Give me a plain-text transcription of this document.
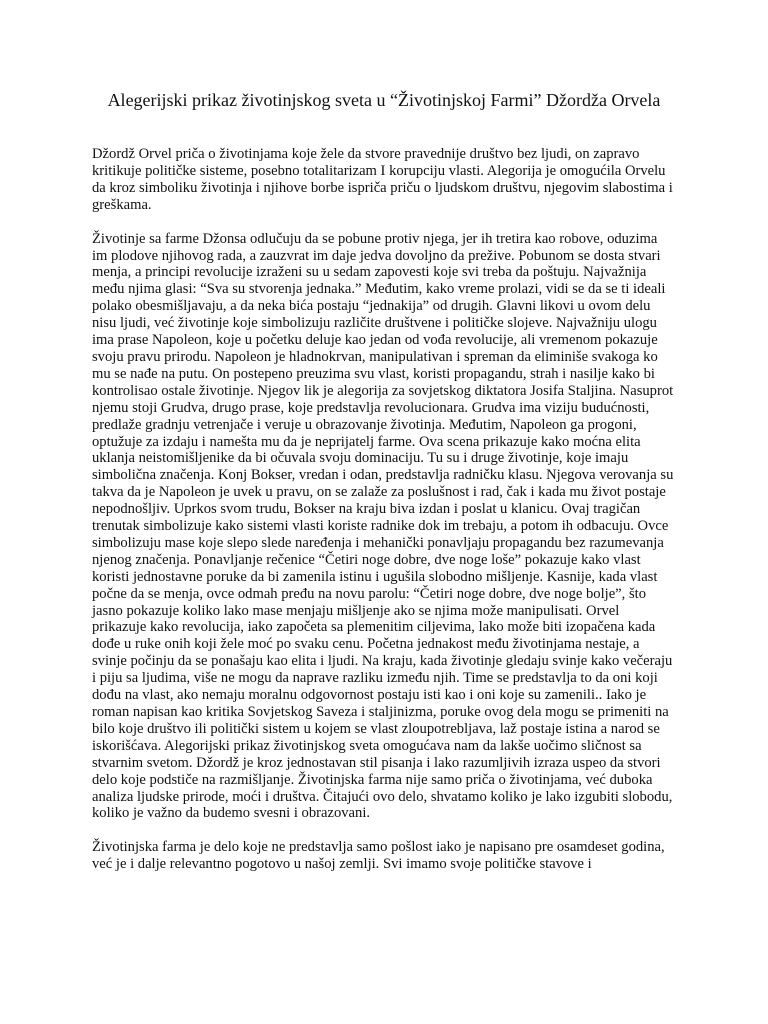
Alegerijski prikaz životinjskog sveta u “Životinjskoj Farmi” Džordža Orvela

Džordž Orvel priča o životinjama koje žele da stvore pravednije društvo bez ljudi, on zapravo kritikuje političke sisteme, posebno totalitarizam I korupciju vlasti. Alegorija je omogućila Orvelu da kroz simboliku životinja i njihove borbe ispriča priču o ljudskom društvu, njegovim slabostima i greškama.

Životinje sa farme Džonsa odlučuju da se pobune protiv njega, jer ih tretira kao robove, oduzima im plodove njihovog rada, a zauzvrat im daje jedva dovoljno da prežive. Pobunom se dosta stvari menja, a principi revolucije izraženi su u sedam zapovesti koje svi treba da poštuju. Najvažnija među njima glasi: “Sva su stvorenja jednaka.” Međutim, kako vreme prolazi, vidi se da se ti ideali polako obesmišljavaju, a da neka bića postaju “jednakija” od drugih. Glavni likovi u ovom delu nisu ljudi, već životinje koje simbolizuju različite društvene i političke slojeve. Najvažniju ulogu ima prase Napoleon, koje u početku deluje kao jedan od vođa revolucije, ali vremenom pokazuje svoju pravu prirodu. Napoleon je hladnokrvan, manipulativan i spreman da eliminiše svakoga ko mu se nađe na putu. On postepeno preuzima svu vlast, koristi propagandu, strah i nasilje kako bi kontrolisao ostale životinje. Njegov lik je alegorija za sovjetskog diktatora Josifa Staljina. Nasuprot njemu stoji Grudva, drugo prase, koje predstavlja revolucionara. Grudva ima viziju budućnosti, predlaže gradnju vetrenjače i veruje u obrazovanje životinja. Međutim, Napoleon ga progoni, optužuje za izdaju i nameštа mu da je neprijatelj farme. Ova scena prikazuje kako moćna elita uklanja neistomišljenike da bi očuvala svoju dominaciju. Tu su i druge životinje, koje imaju simbolična značenja. Konj Bokser, vredan i odan, predstavlja radničku klasu. Njegova verovanja su takva da je Napoleon je uvek u pravu, on se zalaže za poslušnost i rad, čak i kada mu život postaje nepodnošljiv. Uprkos svom trudu, Bokser na kraju biva izdan i poslat u klanicu. Ovaj tragičan trenutak simbolizuje kako sistemi vlasti koriste radnike dok im trebaju, a potom ih odbacuju. Ovce simbolizuju mase koje slepo slede naređenja i mehanički ponavljaju propagandu bez razumevanja njenog značenja. Ponavljanje rečenice “Četiri noge dobre, dve noge loše” pokazuje kako vlast koristi jednostavne poruke da bi zamenila istinu i ugušila slobodno mišljenje. Kasnije, kada vlast počne da se menja, ovce odmah pređu na novu parolu: “Četiri noge dobre, dve noge bolje”, što jasno pokazuje koliko lako mase menjaju mišljenje ako se njima može manipulisati. Orvel prikazuje kako revolucija, iako započeta sa plemenitim ciljevima, lako može biti izopačena kada dođe u ruke onih koji žele moć po svaku cenu. Početna jednakost među životinjama nestaje, a svinje počinju da se ponašaju kao elita i ljudi. Na kraju, kada životinje gledaju svinje kako večeraju i piju sa ljudima, više ne mogu da naprave razliku između njih. Time se predstavlja to da oni koji dođu na vlast, ako nemaju moralnu odgovornost postaju isti kao i oni koje su zamenili.. Iako je roman napisan kao kritika Sovjetskog Saveza i staljinizma, poruke ovog dela mogu se primeniti na bilo koje društvo ili politički sistem u kojem se vlast zloupotrebljava, laž postaje istina a narod se iskorišćava. Alegorijski prikaz životinjskog sveta omogućava nam da lakše uočimo sličnost sa stvarnim svetom. Džordž je kroz jednostavan stil pisanja i lako razumljivih izraza uspeo da stvori delo koje podstiče na razmišljanje. Životinjska farma nije samo priča o životinjama, već duboka analiza ljudske prirode, moći i društva. Čitajući ovo delo, shvatamo koliko je lako izgubiti slobodu, koliko je važno da budemo svesni i obrazovani.

Životinjska farma je delo koje ne predstavlja samo pošlost iako je napisano pre osamdeset godina, već je i dalje relevantno pogotovo u našoj zemlji. Svi imamo svoje političke stavove i
